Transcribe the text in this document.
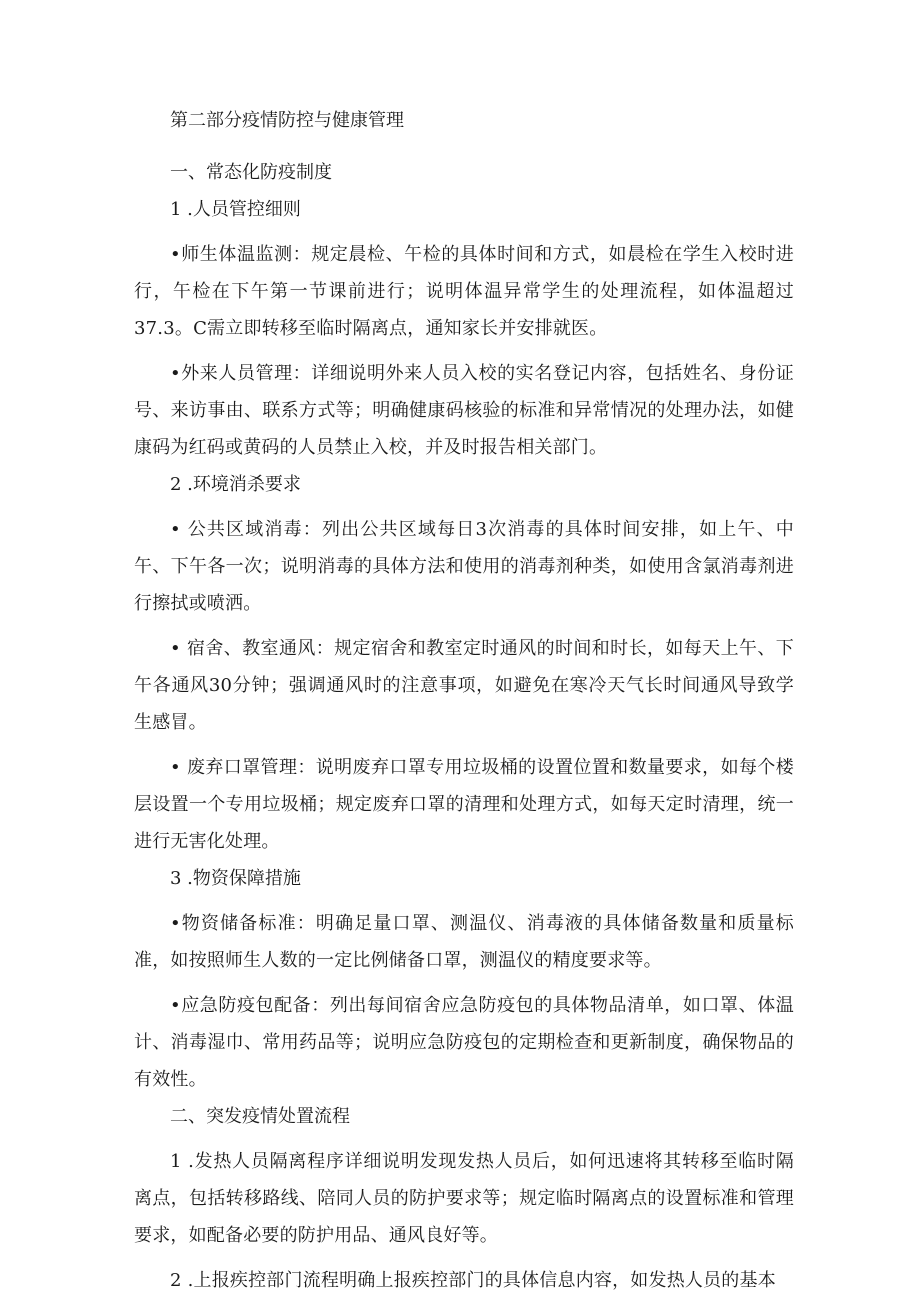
第二部分疫情防控与健康管理

一、常态化防疫制度

1 .人员管控细则

•师生体温监测：规定晨检、午检的具体时间和方式，如晨检在学生入校时进行，午检在下午第一节课前进行；说明体温异常学生的处理流程，如体温超过37.3。C需立即转移至临时隔离点，通知家长并安排就医。

•外来人员管理：详细说明外来人员入校的实名登记内容，包括姓名、身份证号、来访事由、联系方式等；明确健康码核验的标准和异常情况的处理办法，如健康码为红码或黄码的人员禁止入校，并及时报告相关部门。

2 .环境消杀要求

• 公共区域消毒：列出公共区域每日3次消毒的具体时间安排，如上午、中午、下午各一次；说明消毒的具体方法和使用的消毒剂种类，如使用含氯消毒剂进行擦拭或喷洒。

• 宿舍、教室通风：规定宿舍和教室定时通风的时间和时长，如每天上午、下午各通风30分钟；强调通风时的注意事项，如避免在寒冷天气长时间通风导致学生感冒。

• 废弃口罩管理：说明废弃口罩专用垃圾桶的设置位置和数量要求，如每个楼层设置一个专用垃圾桶；规定废弃口罩的清理和处理方式，如每天定时清理，统一进行无害化处理。

3 .物资保障措施

•物资储备标准：明确足量口罩、测温仪、消毒液的具体储备数量和质量标准，如按照师生人数的一定比例储备口罩，测温仪的精度要求等。

•应急防疫包配备：列出每间宿舍应急防疫包的具体物品清单，如口罩、体温计、消毒湿巾、常用药品等；说明应急防疫包的定期检查和更新制度，确保物品的有效性。

二、突发疫情处置流程

1 .发热人员隔离程序详细说明发现发热人员后，如何迅速将其转移至临时隔离点，包括转移路线、陪同人员的防护要求等；规定临时隔离点的设置标准和管理要求，如配备必要的防护用品、通风良好等。

2 .上报疾控部门流程明确上报疾控部门的具体信息内容，如发热人员的基本
